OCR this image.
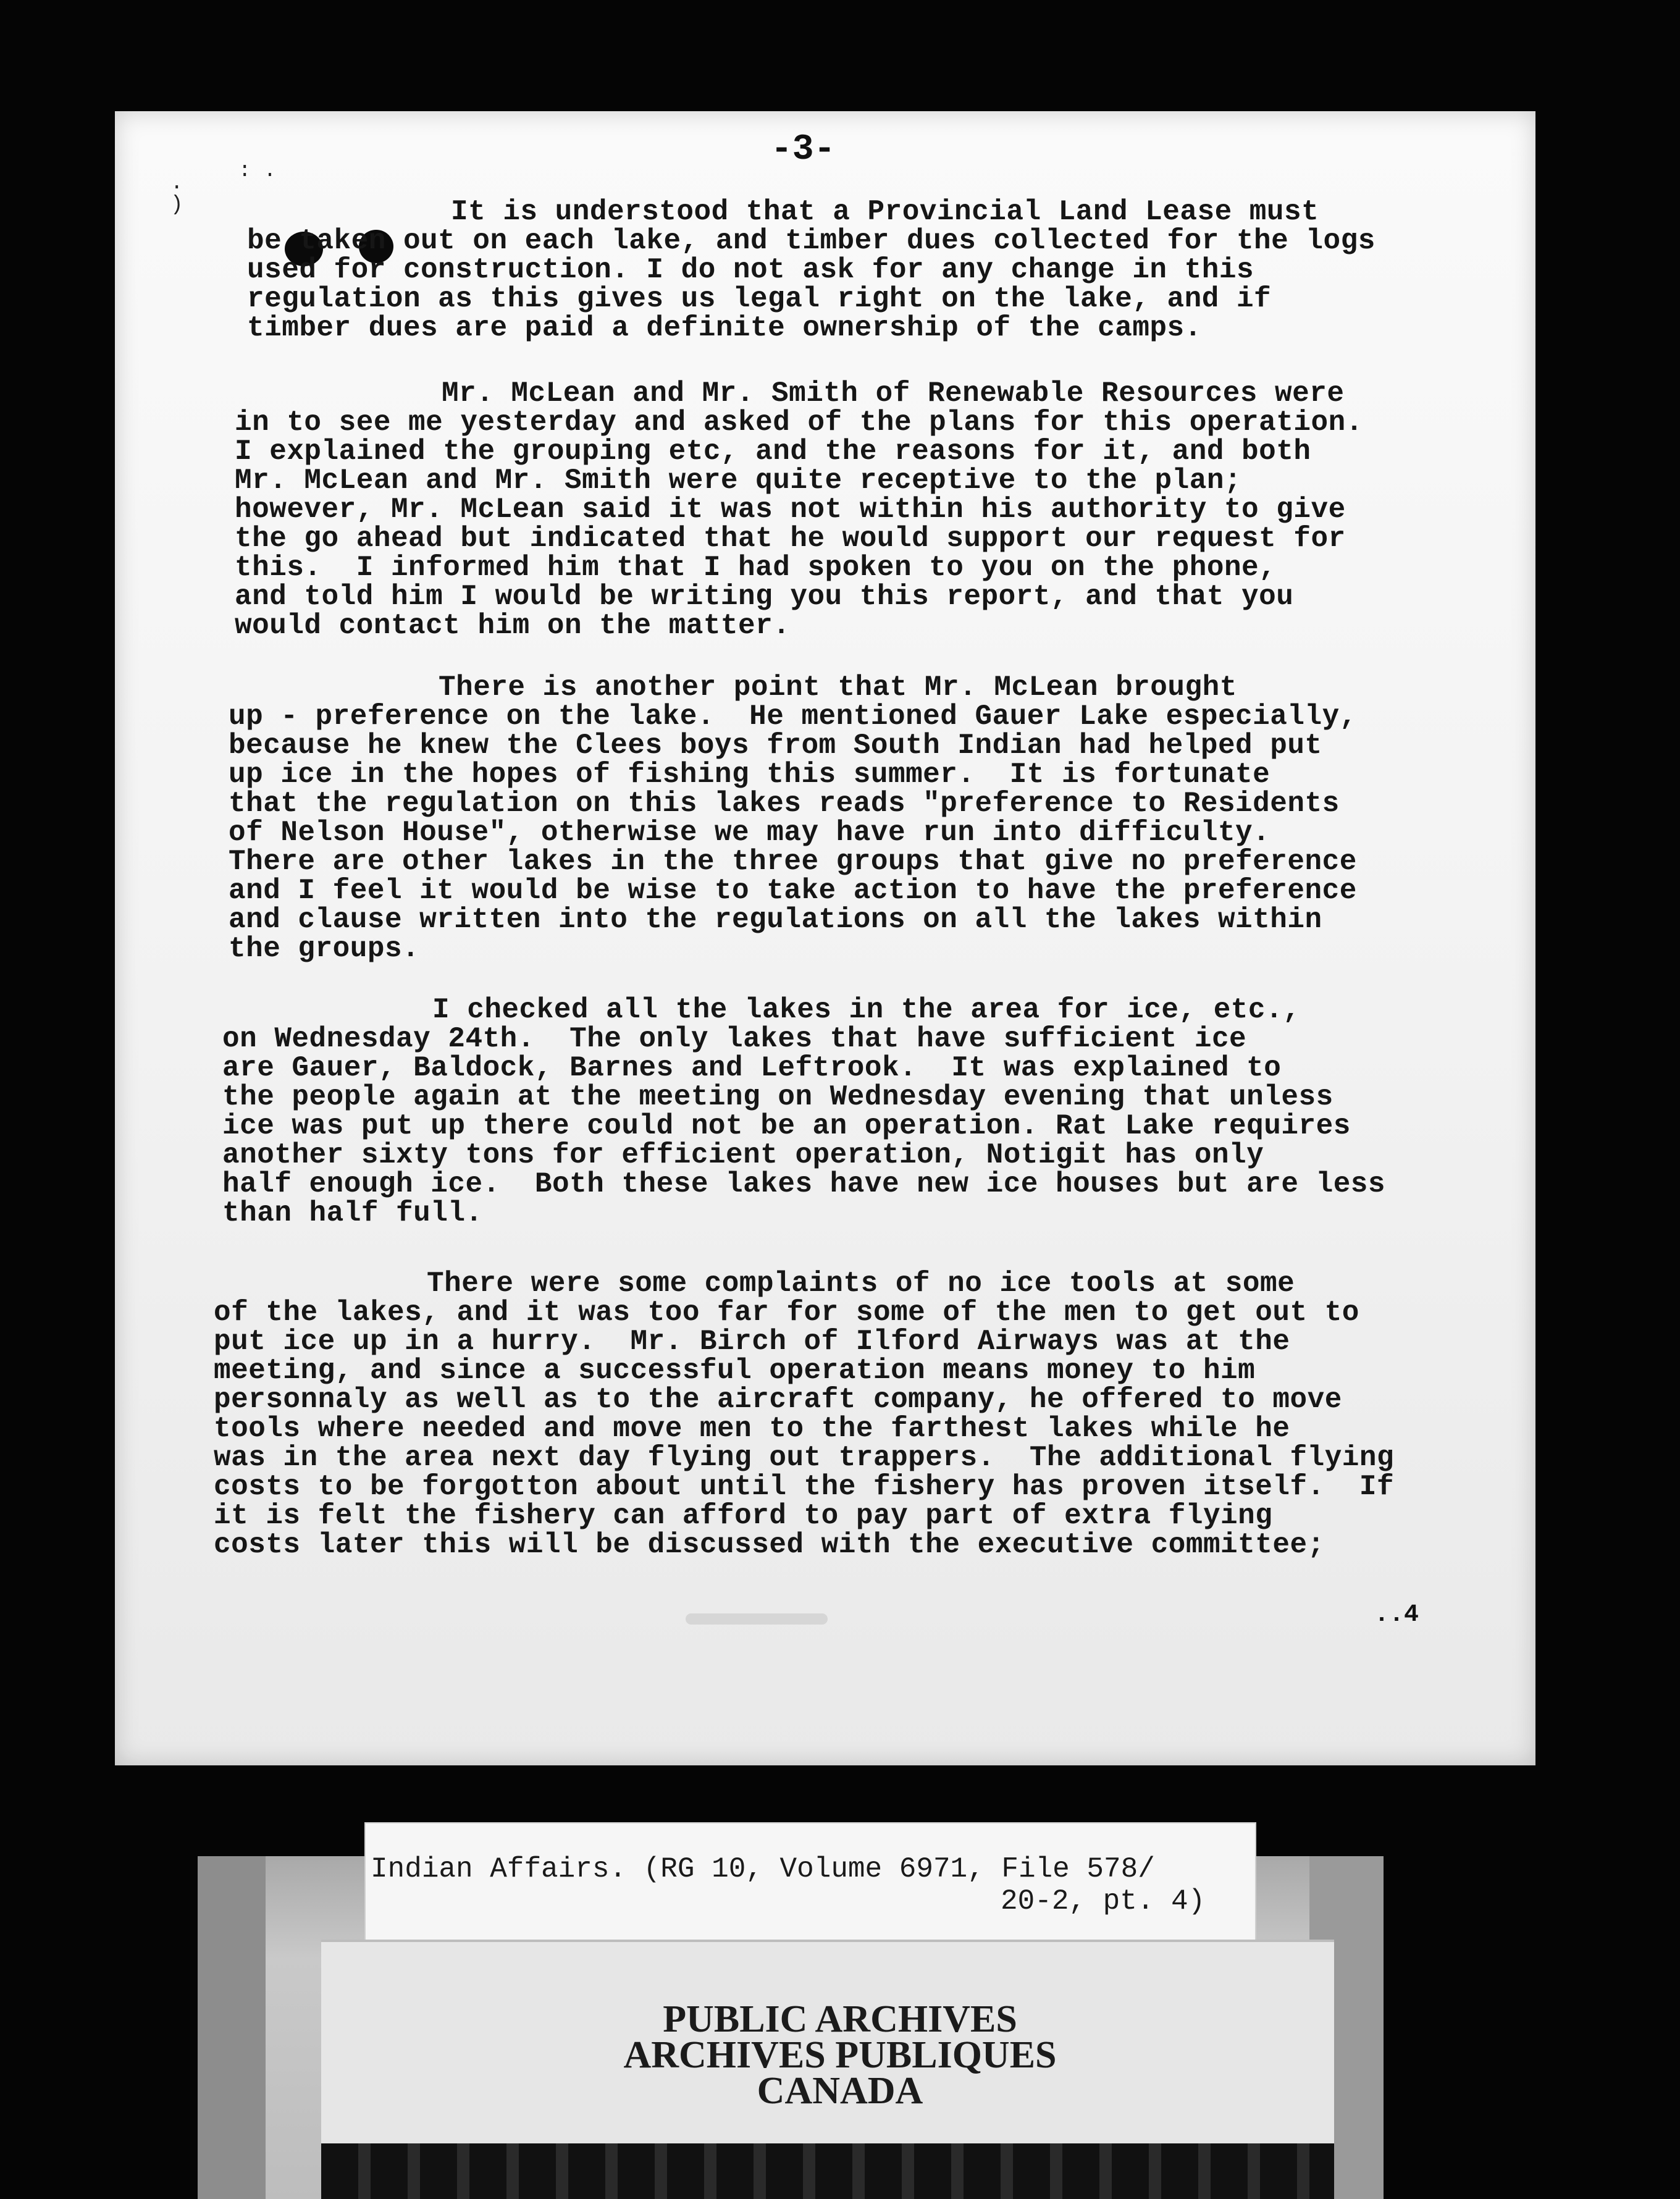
.
)
: .
-3-
It is understood that a Provincial Land Lease must
be taken out on each lake, and timber dues collected for the logs
used for construction. I do not ask for any change in this
regulation as this gives us legal right on the lake, and if
timber dues are paid a definite ownership of the camps.
Mr. McLean and Mr. Smith of Renewable Resources were
in to see me yesterday and asked of the plans for this operation.
I explained the grouping etc, and the reasons for it, and both
Mr. McLean and Mr. Smith were quite receptive to the plan;
however, Mr. McLean said it was not within his authority to give
the go ahead but indicated that he would support our request for
this.  I informed him that I had spoken to you on the phone,
and told him I would be writing you this report, and that you
would contact him on the matter.
There is another point that Mr. McLean brought
up - preference on the lake.  He mentioned Gauer Lake especially,
because he knew the Clees boys from South Indian had helped put
up ice in the hopes of fishing this summer.  It is fortunate
that the regulation on this lakes reads "preference to Residents
of Nelson House", otherwise we may have run into difficulty.
There are other lakes in the three groups that give no preference
and I feel it would be wise to take action to have the preference
and clause written into the regulations on all the lakes within
the groups.
I checked all the lakes in the area for ice, etc.,
on Wednesday 24th.  The only lakes that have sufficient ice
are Gauer, Baldock, Barnes and Leftrook.  It was explained to
the people again at the meeting on Wednesday evening that unless
ice was put up there could not be an operation. Rat Lake requires
another sixty tons for efficient operation, Notigit has only
half enough ice.  Both these lakes have new ice houses but are less
than half full.
There were some complaints of no ice tools at some
of the lakes, and it was too far for some of the men to get out to
put ice up in a hurry.  Mr. Birch of Ilford Airways was at the
meeting, and since a successful operation means money to him
personnaly as well as to the aircraft company, he offered to move
tools where needed and move men to the farthest lakes while he
was in the area next day flying out trappers.  The additional flying
costs to be forgotton about until the fishery has proven itself.  If
it is felt the fishery can afford to pay part of extra flying
costs later this will be discussed with the executive committee;
..4

Indian Affairs. (RG 10, Volume 6971, File 578/

20-2, pt. 4)

PUBLIC ARCHIVES
ARCHIVES PUBLIQUES
CANADA
